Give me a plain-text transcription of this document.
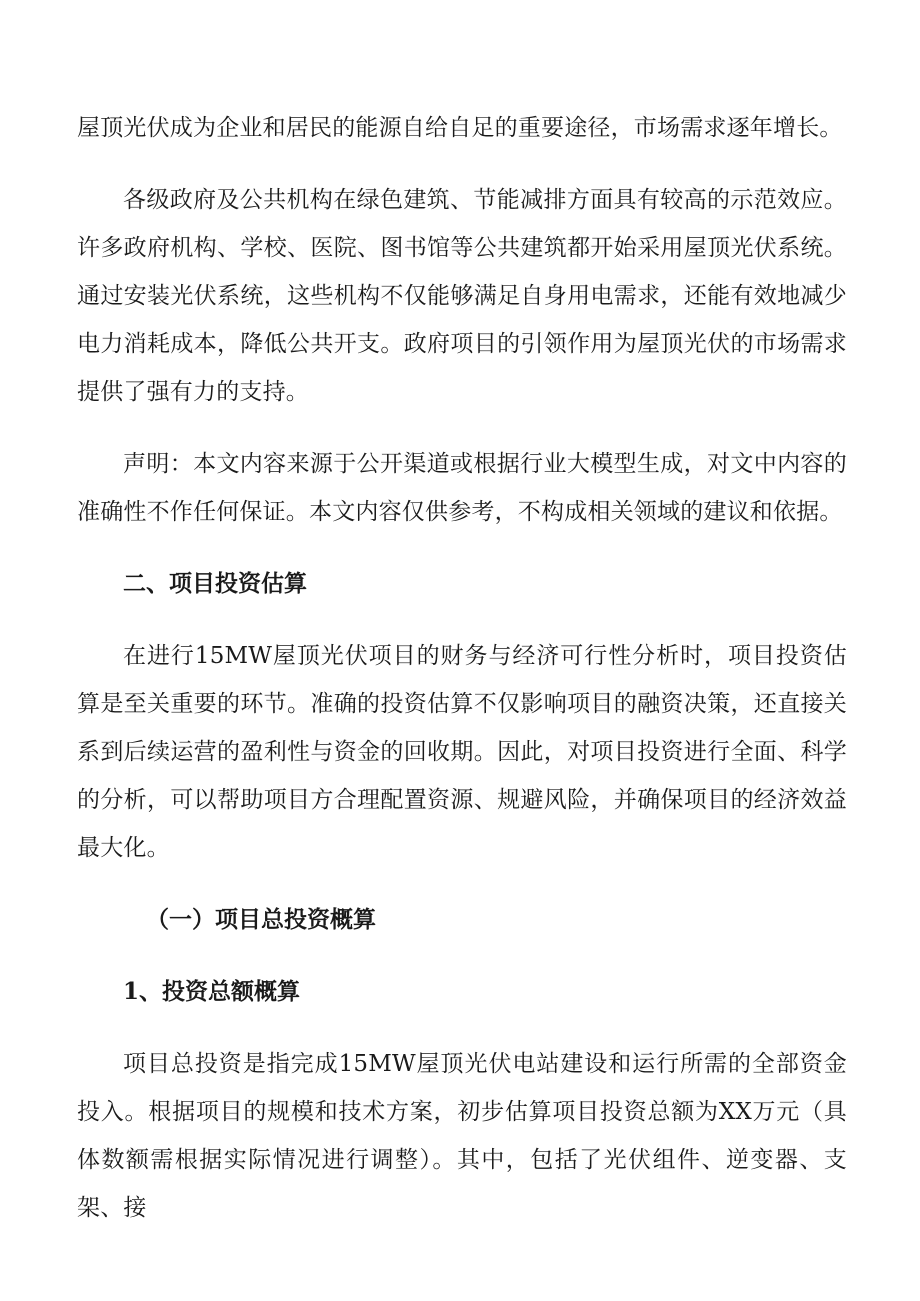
屋顶光伏成为企业和居民的能源自给自足的重要途径，市场需求逐年增长。

各级政府及公共机构在绿色建筑、节能减排方面具有较高的示范效应。许多政府机构、学校、医院、图书馆等公共建筑都开始采用屋顶光伏系统。通过安装光伏系统，这些机构不仅能够满足自身用电需求，还能有效地减少电力消耗成本，降低公共开支。政府项目的引领作用为屋顶光伏的市场需求提供了强有力的支持。

声明：本文内容来源于公开渠道或根据行业大模型生成，对文中内容的准确性不作任何保证。本文内容仅供参考，不构成相关领域的建议和依据。

二、项目投资估算

在进行15MW屋顶光伏项目的财务与经济可行性分析时，项目投资估算是至关重要的环节。准确的投资估算不仅影响项目的融资决策，还直接关系到后续运营的盈利性与资金的回收期。因此，对项目投资进行全面、科学的分析，可以帮助项目方合理配置资源、规避风险，并确保项目的经济效益最大化。

（一）项目总投资概算
1、投资总额概算

项目总投资是指完成15MW屋顶光伏电站建设和运行所需的全部资金投入。根据项目的规模和技术方案，初步估算项目投资总额为XX万元（具体数额需根据实际情况进行调整）。其中，包括了光伏组件、逆变器、支架、接
